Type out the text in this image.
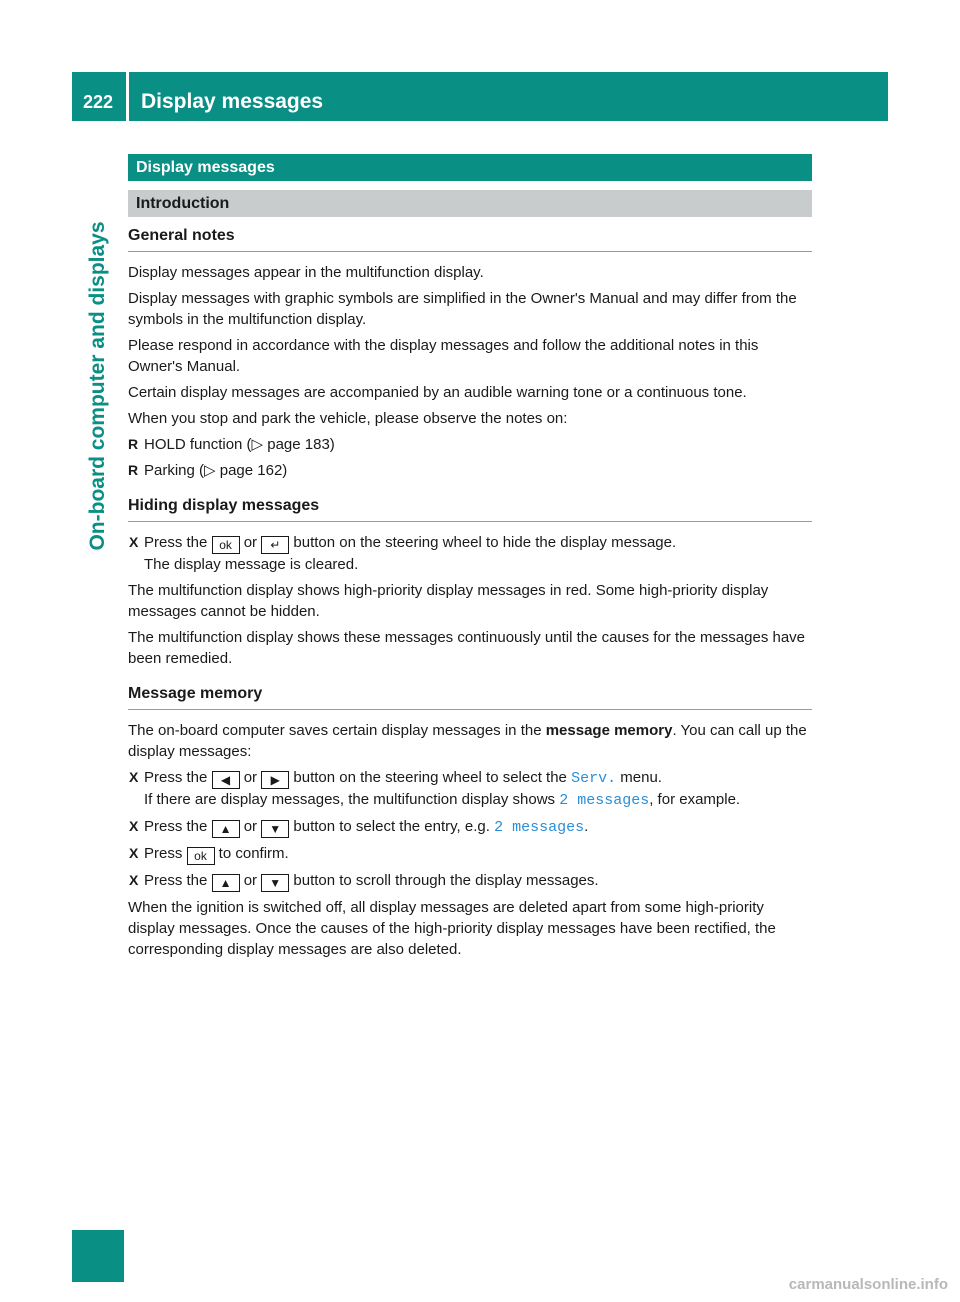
222 Display messages
On-board computer and displays
Display messages
Introduction
General notes

Display messages appear in the multifunction display.

Display messages with graphic symbols are simplified in the Owner's Manual and may differ from the symbols in the multifunction display.

Please respond in accordance with the display messages and follow the additional notes in this Owner's Manual.

Certain display messages are accompanied by an audible warning tone or a continuous tone.

When you stop and park the vehicle, please observe the notes on:

R HOLD function (▷ page 183)
R Parking (▷ page 162)
Hiding display messages
X Press the ok or ↵ button on the steering wheel to hide the display message.
The display message is cleared.

The multifunction display shows high-priority display messages in red. Some high-priority display messages cannot be hidden.

The multifunction display shows these messages continuously until the causes for the messages have been remedied.

Message memory

The on-board computer saves certain display messages in the message memory. You can call up the display messages:

X Press the ◀ or ▶ button on the steering wheel to select the Serv. menu.
If there are display messages, the multifunction display shows 2 messages, for example.
X Press the ▲ or ▼ button to select the entry, e.g. 2 messages.
X Press ok to confirm.
X Press the ▲ or ▼ button to scroll through the display messages.

When the ignition is switched off, all display messages are deleted apart from some high-priority display messages. Once the causes of the high-priority display messages have been rectified, the corresponding display messages are also deleted.

carmanualsonline.info
